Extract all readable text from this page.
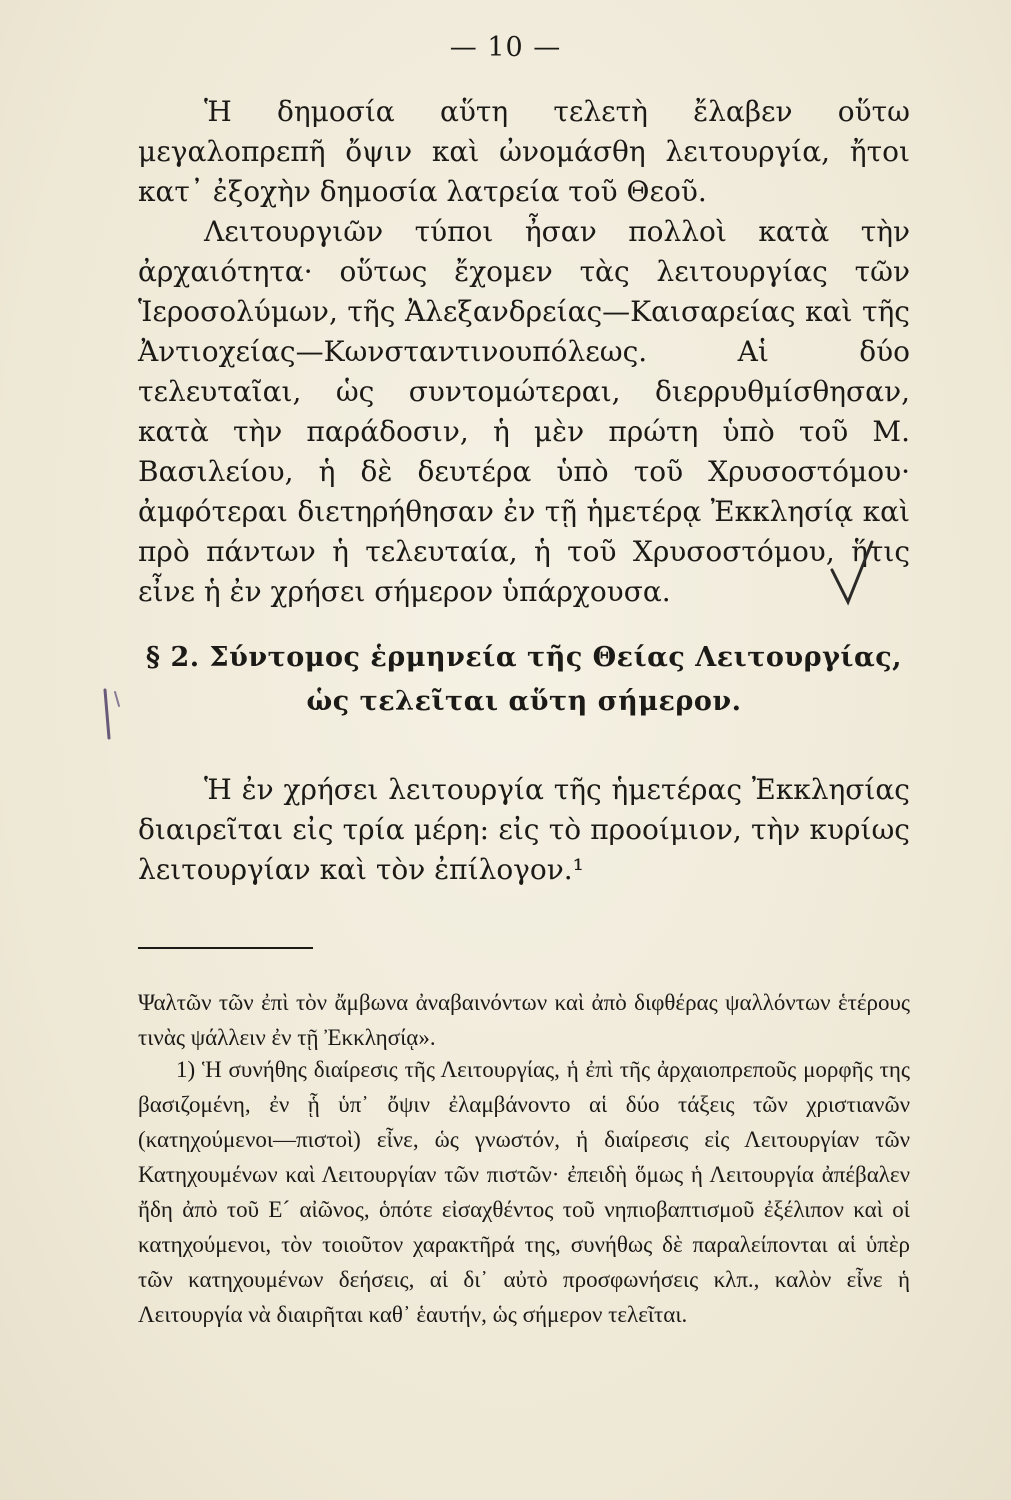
— 10 —

Ἡ δημοσία αὕτη τελετὴ ἔλαβεν οὕτω μεγαλοπρεπῆ ὄψιν καὶ ὠνομάσθη λειτουργία, ἤτοι κατ᾽ ἐξοχὴν δημοσία λατρεία τοῦ Θεοῦ.

Λειτουργιῶν τύποι ἦσαν πολλοὶ κατὰ τὴν ἀρχαιότητα· οὕτως ἔχομεν τὰς λειτουργίας τῶν Ἱεροσολύμων, τῆς Ἀλεξανδρείας—Καισαρείας καὶ τῆς Ἀντιοχείας—Κωνσταντινουπόλεως. Αἱ δύο τελευταῖαι, ὡς συντομώτεραι, διερρυθμίσθησαν, κατὰ τὴν παράδοσιν, ἡ μὲν πρώτη ὑπὸ τοῦ Μ. Βασιλείου, ἡ δὲ δευτέρα ὑπὸ τοῦ Χρυσοστόμου· ἀμφότεραι διετηρήθησαν ἐν τῇ ἡμετέρᾳ Ἐκκλησίᾳ καὶ πρὸ πάντων ἡ τελευταία, ἡ τοῦ Χρυσοστόμου, ἥτις εἶνε ἡ ἐν χρήσει σήμερον ὑπάρχουσα.

§ 2. Σύντομος ἑρμηνεία τῆς Θείας Λειτουργίας,
ὡς τελεῖται αὕτη σήμερον.

Ἡ ἐν χρήσει λειτουργία τῆς ἡμετέρας Ἐκκλησίας διαιρεῖται εἰς τρία μέρη: εἰς τὸ προοίμιον, τὴν κυρίως λειτουργίαν καὶ τὸν ἐπίλογον.¹

Ψαλτῶν τῶν ἐπὶ τὸν ἄμβωνα ἀναβαινόντων καὶ ἀπὸ διφθέρας ψαλλόντων ἑτέρους τινὰς ψάλλειν ἐν τῇ Ἐκκλησίᾳ».

1) Ἡ συνήθης διαίρεσις τῆς Λειτουργίας, ἡ ἐπὶ τῆς ἀρχαιοπρεποῦς μορφῆς της βασιζομένη, ἐν ᾗ ὑπ᾽ ὄψιν ἐλαμβάνοντο αἱ δύο τάξεις τῶν χριστιανῶν (κατηχούμενοι—πιστοὶ) εἶνε, ὡς γνωστόν, ἡ διαίρεσις εἰς Λειτουργίαν τῶν Κατηχουμένων καὶ Λειτουργίαν τῶν πιστῶν· ἐπειδὴ ὅμως ἡ Λειτουργία ἀπέβαλεν ἤδη ἀπὸ τοῦ Ε´ αἰῶνος, ὁπότε εἰσαχθέντος τοῦ νηπιοβαπτισμοῦ ἐξέλιπον καὶ οἱ κατηχούμενοι, τὸν τοιοῦτον χαρακτῆρά της, συνήθως δὲ παραλείπονται αἱ ὑπὲρ τῶν κατηχουμένων δεήσεις, αἱ δι᾽ αὐτὸ προσφωνήσεις κλπ., καλὸν εἶνε ἡ Λειτουργία νὰ διαιρῆται καθ᾽ ἑαυτήν, ὡς σήμερον τελεῖται.
